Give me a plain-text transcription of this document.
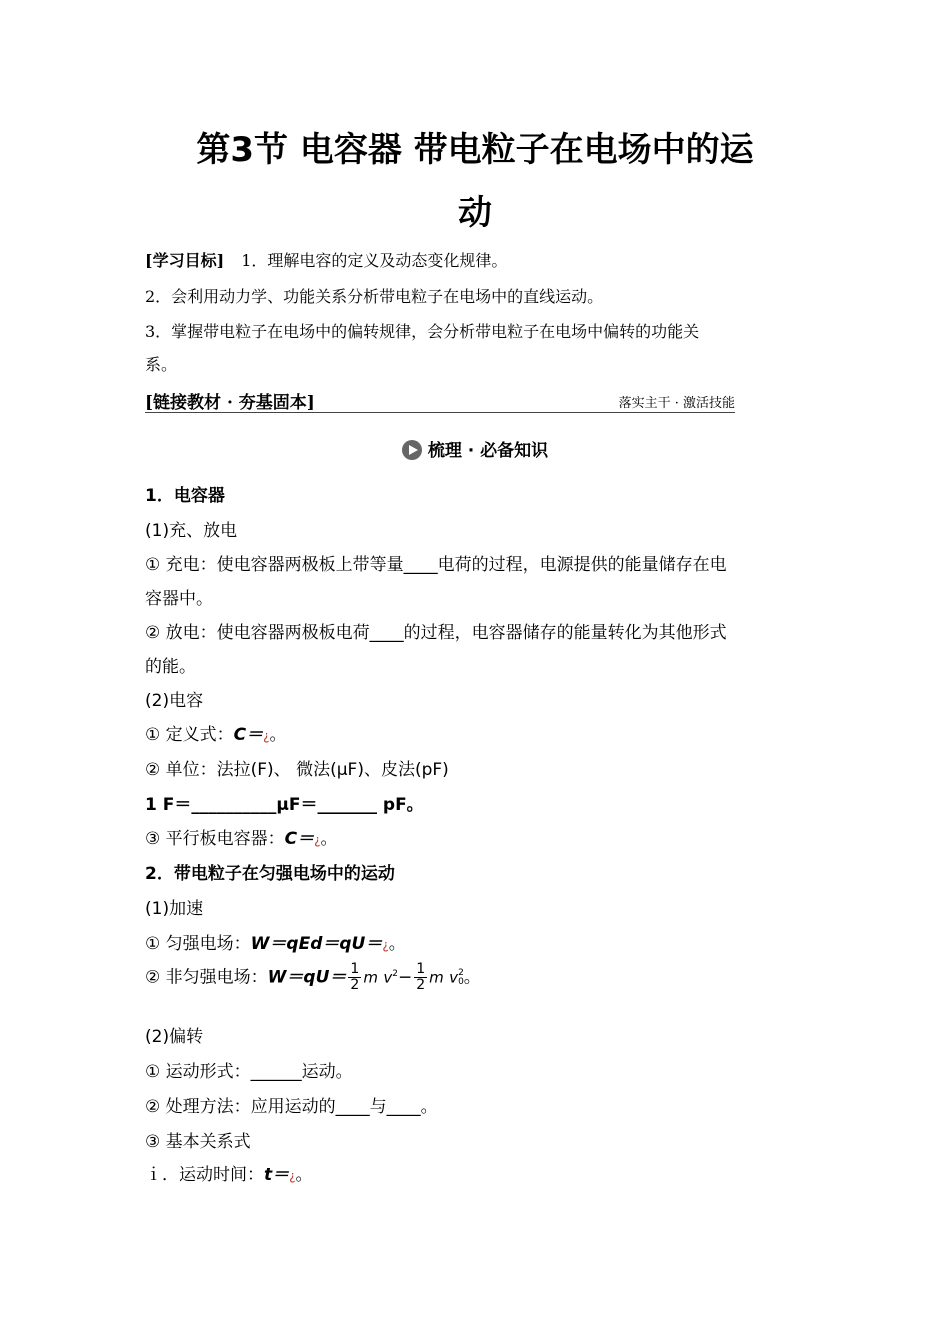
第3节 电容器 带电粒子在电场中的运
动
[学习目标] 1．理解电容的定义及动态变化规律。
2．会利用动力学、功能关系分析带电粒子在电场中的直线运动。
3．掌握带电粒子在电场中的偏转规律，会分析带电粒子在电场中偏转的功能关
系。
[链接教材 · 夯基固本]	落实主干 · 激活技能
梳理 · 必备知识
1．电容器
(1)充、放电
① 充电：使电容器两极板上带等量____电荷的过程，电源提供的能量储存在电
容器中。
② 放电：使电容器两极板电荷____的过程，电容器储存的能量转化为其他形式
的能。
(2)电容
① 定义式：C＝¿。
② 单位：法拉(F)、 微法(μF)、皮法(pF)
1 F＝__________μF＝_______ pF。
③ 平行板电容器：C＝¿。
2．带电粒子在匀强电场中的运动
(1)加速
① 匀强电场：W＝qEd＝qU＝¿。
② 非匀强电场：$W=qU= \frac{1}{2}$ m $v^2- \frac{1}{2}$ m v 2
0 。
(2)偏转
① 运动形式：______运动。
② 处理方法：应用运动的____与____。
③ 基本关系式
ｉ．运动时间：t＝¿。
